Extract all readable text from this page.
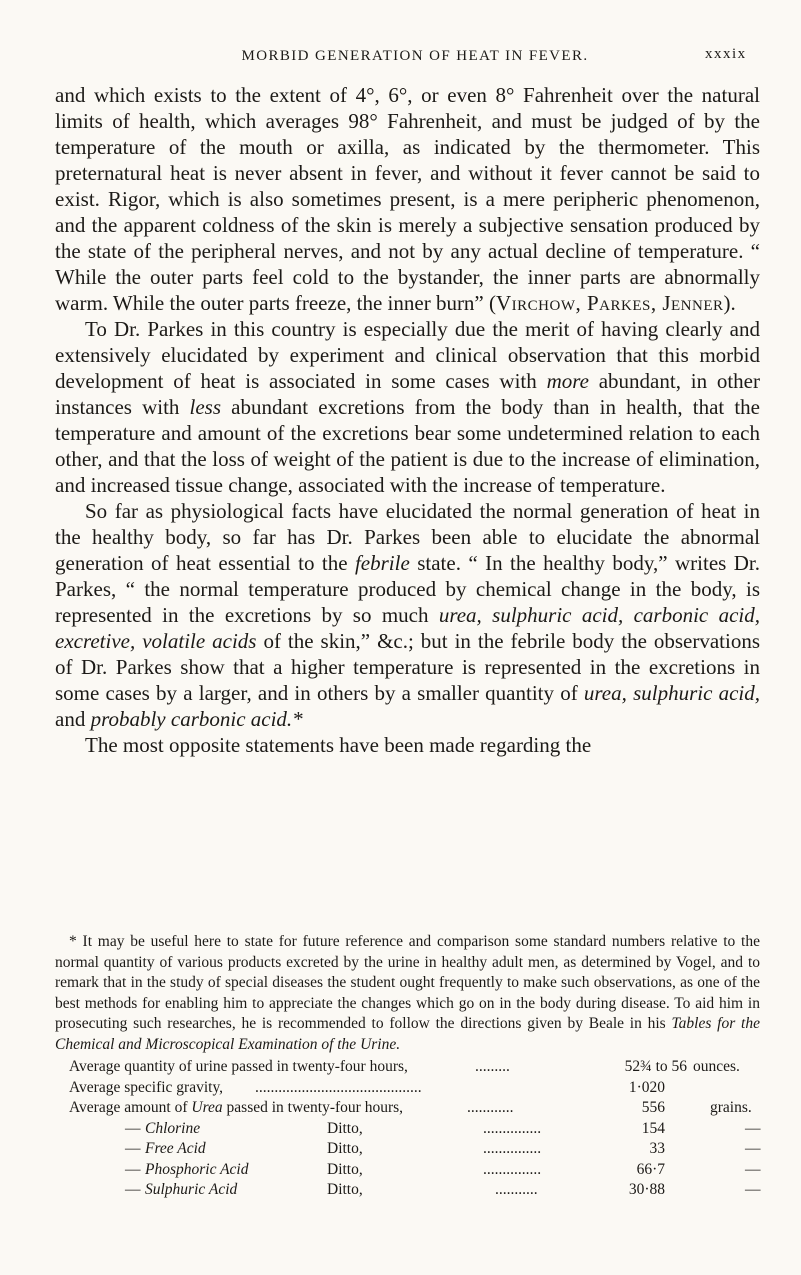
MORBID GENERATION OF HEAT IN FEVER.	xxxix

and which exists to the extent of 4°, 6°, or even 8° Fahrenheit over the natural limits of health, which averages 98° Fahrenheit, and must be judged of by the temperature of the mouth or axilla, as indicated by the thermometer. This preternatural heat is never absent in fever, and without it fever cannot be said to exist. Rigor, which is also sometimes present, is a mere peripheric phenomenon, and the apparent coldness of the skin is merely a subjective sensation produced by the state of the peripheral nerves, and not by any actual decline of temperature. “ While the outer parts feel cold to the bystander, the inner parts are abnormally warm. While the outer parts freeze, the inner burn” (Virchow, Parkes, Jenner).

To Dr. Parkes in this country is especially due the merit of having clearly and extensively elucidated by experiment and clinical observation that this morbid development of heat is associated in some cases with more abundant, in other instances with less abundant excretions from the body than in health, that the temperature and amount of the excretions bear some undetermined relation to each other, and that the loss of weight of the patient is due to the increase of elimination, and increased tissue change, associated with the increase of temperature.

So far as physiological facts have elucidated the normal generation of heat in the healthy body, so far has Dr. Parkes been able to elucidate the abnormal generation of heat essential to the febrile state. “ In the healthy body,” writes Dr. Parkes, “ the normal temperature produced by chemical change in the body, is represented in the excretions by so much urea, sulphuric acid, carbonic acid, excretive, volatile acids of the skin,” &c.; but in the febrile body the observations of Dr. Parkes show that a higher temperature is represented in the excretions in some cases by a larger, and in others by a smaller quantity of urea, sulphuric acid, and probably carbonic acid.*

The most opposite statements have been made regarding the

* It may be useful here to state for future reference and comparison some standard numbers relative to the normal quantity of various products excreted by the urine in healthy adult men, as determined by Vogel, and to remark that in the study of special diseases the student ought frequently to make such observations, as one of the best methods for enabling him to appreciate the changes which go on in the body during disease. To aid him in prosecuting such researches, he is recommended to follow the directions given by Beale in his Tables for the Chemical and Microscopical Examination of the Urine.

Average quantity of urine passed in twenty-four hours,	.........	52¾ to 56 ounces.
Average specific gravity, ...........................................	1·020
Average amount of Urea passed in twenty-four hours,	............	556	grains.
— Chlorine	Ditto,	...............	154	—
— Free Acid	Ditto,	...............	33	—
— Phosphoric Acid	Ditto,	...............	66·7	—
— Sulphuric Acid	Ditto,	...........	30·88	—
